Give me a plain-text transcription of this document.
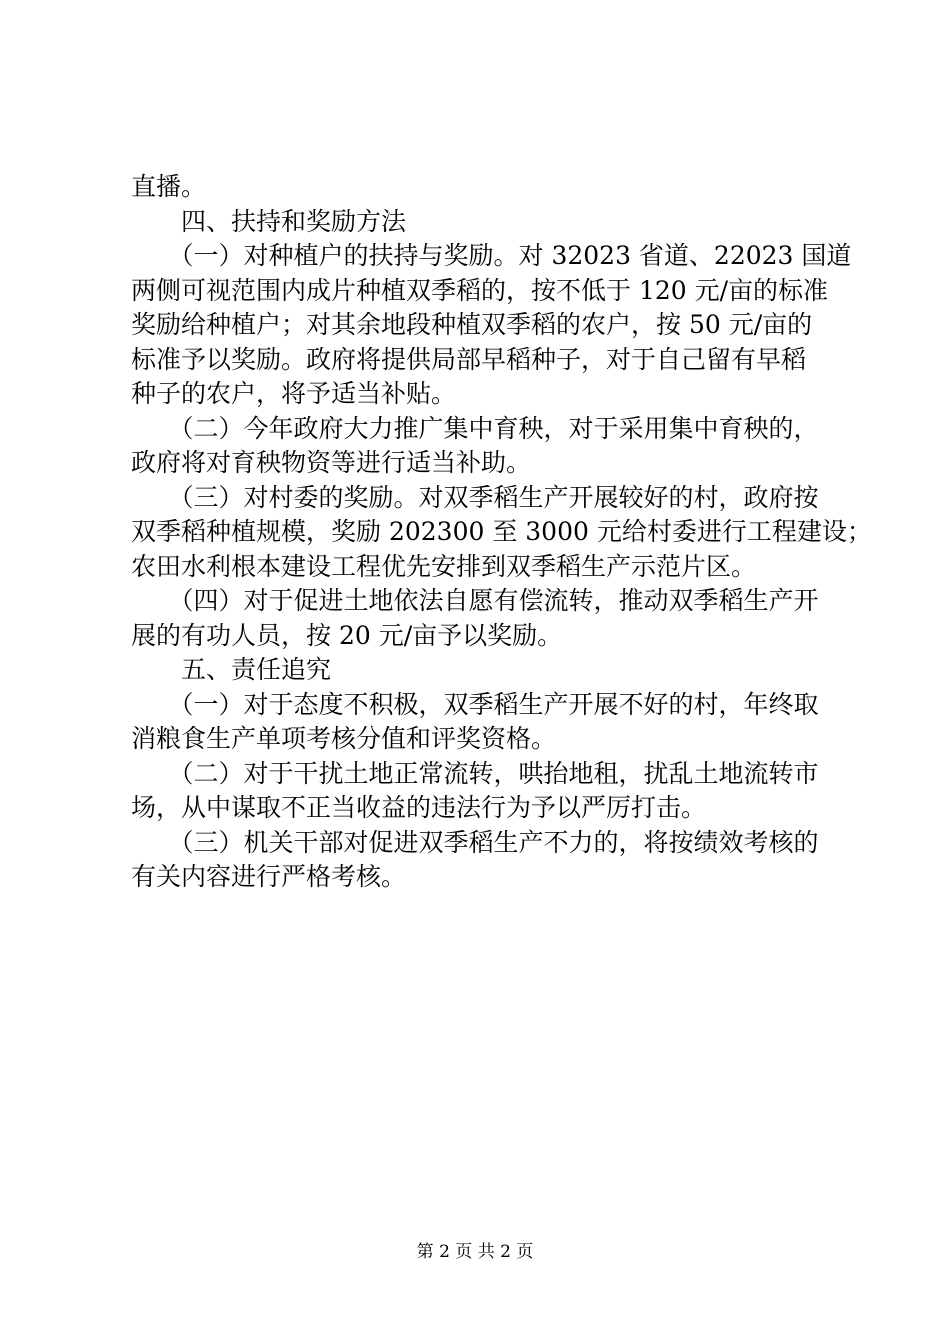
直播。
　　四、扶持和奖励方法
　　（一）对种植户的扶持与奖励。对 32023 省道、22023 国道
两侧可视范围内成片种植双季稻的，按不低于 120 元/亩的标准
奖励给种植户；对其余地段种植双季稻的农户，按 50 元/亩的
标准予以奖励。政府将提供局部早稻种子，对于自己留有早稻
种子的农户，将予适当补贴。
　　（二）今年政府大力推广集中育秧，对于采用集中育秧的，
政府将对育秧物资等进行适当补助。
　　（三）对村委的奖励。对双季稻生产开展较好的村，政府按
双季稻种植规模，奖励 202300 至 3000 元给村委进行工程建设；
农田水利根本建设工程优先安排到双季稻生产示范片区。
　　（四）对于促进土地依法自愿有偿流转，推动双季稻生产开
展的有功人员，按 20 元/亩予以奖励。
　　五、责任追究
　　（一）对于态度不积极，双季稻生产开展不好的村，年终取
消粮食生产单项考核分值和评奖资格。
　　（二）对于干扰土地正常流转，哄抬地租，扰乱土地流转市
场，从中谋取不正当收益的违法行为予以严厉打击。
　　（三）机关干部对促进双季稻生产不力的，将按绩效考核的
有关内容进行严格考核。
第 2 页 共 2 页
